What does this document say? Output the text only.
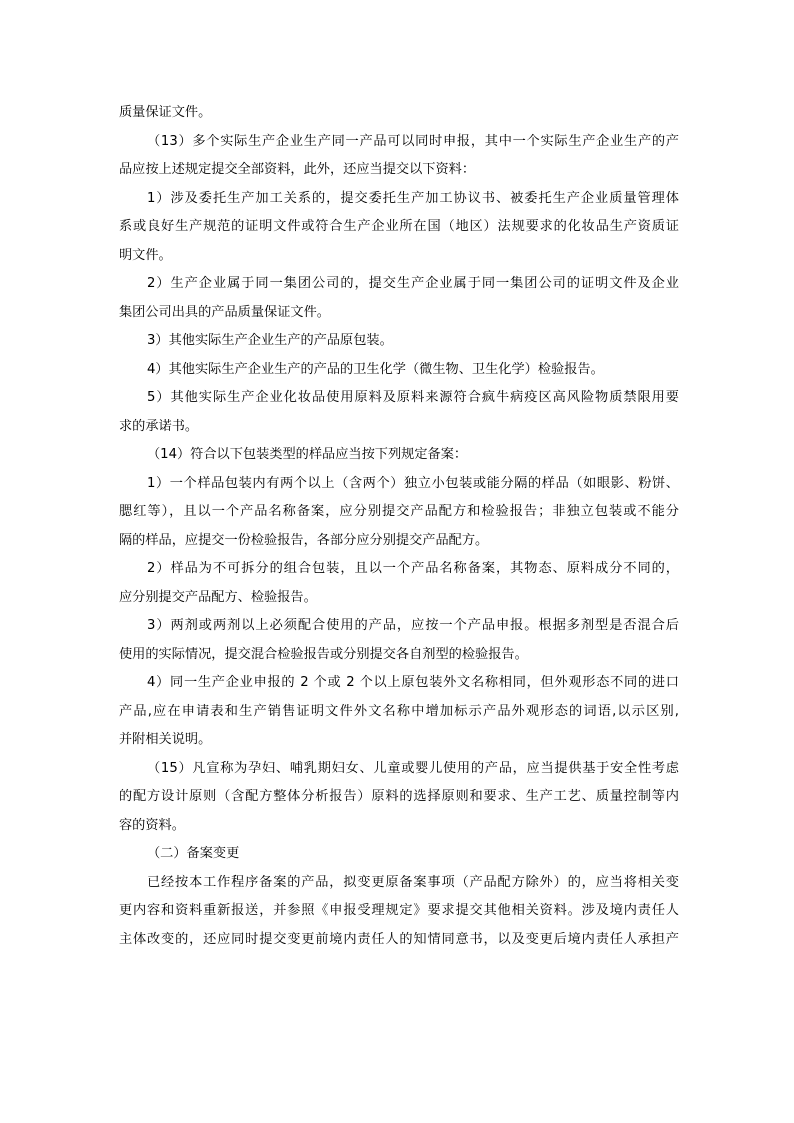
质量保证文件。
（13）多个实际生产企业生产同一产品可以同时申报，其中一个实际生产企业生产的产
品应按上述规定提交全部资料，此外，还应当提交以下资料：
1）涉及委托生产加工关系的，提交委托生产加工协议书、被委托生产企业质量管理体
系或良好生产规范的证明文件或符合生产企业所在国（地区）法规要求的化妆品生产资质证
明文件。
2）生产企业属于同一集团公司的，提交生产企业属于同一集团公司的证明文件及企业
集团公司出具的产品质量保证文件。
3）其他实际生产企业生产的产品原包装。
4）其他实际生产企业生产的产品的卫生化学（微生物、卫生化学）检验报告。
5）其他实际生产企业化妆品使用原料及原料来源符合疯牛病疫区高风险物质禁限用要
求的承诺书。
（14）符合以下包装类型的样品应当按下列规定备案：
1）一个样品包装内有两个以上（含两个）独立小包装或能分隔的样品（如眼影、粉饼、
腮红等），且以一个产品名称备案，应分别提交产品配方和检验报告；非独立包装或不能分
隔的样品，应提交一份检验报告，各部分应分别提交产品配方。
2）样品为不可拆分的组合包装，且以一个产品名称备案，其物态、原料成分不同的，
应分别提交产品配方、检验报告。
3）两剂或两剂以上必须配合使用的产品，应按一个产品申报。根据多剂型是否混合后
使用的实际情况，提交混合检验报告或分别提交各自剂型的检验报告。
4）同一生产企业申报的 2 个或 2 个以上原包装外文名称相同，但外观形态不同的进口
产品,应在申请表和生产销售证明文件外文名称中增加标示产品外观形态的词语,以示区别,
并附相关说明。
（15）凡宣称为孕妇、哺乳期妇女、儿童或婴儿使用的产品，应当提供基于安全性考虑
的配方设计原则（含配方整体分析报告）原料的选择原则和要求、生产工艺、质量控制等内
容的资料。
（二）备案变更
已经按本工作程序备案的产品，拟变更原备案事项（产品配方除外）的，应当将相关变
更内容和资料重新报送，并参照《申报受理规定》要求提交其他相关资料。涉及境内责任人
主体改变的，还应同时提交变更前境内责任人的知情同意书，以及变更后境内责任人承担产
